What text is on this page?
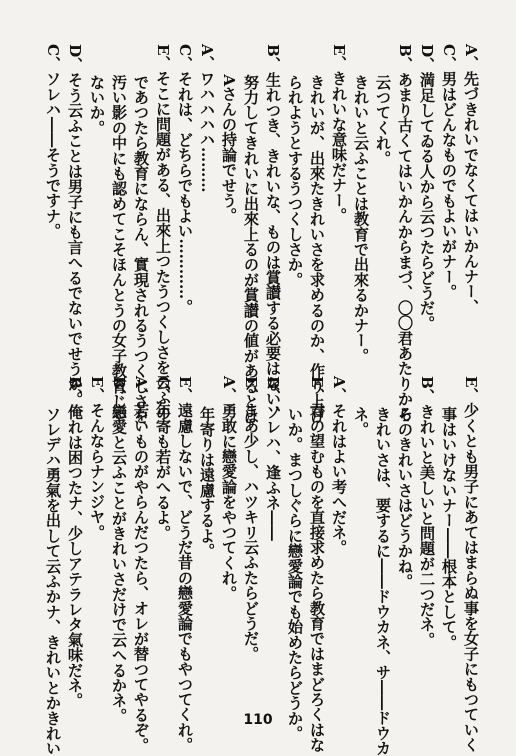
A、先づきれいでなくてはいかんナー、
C、男はどんなものでもよいがナー。
D、満足してゐる人から云つたらどうだ。
B、あまり古くてはいかんからまづ、〇〇君あたりから
　　云つてくれ。
　　きれいと云ふことは教育で出來るかナー。
E、きれいな意味だナー。
　　きれいが、出來たきれいさを求めるのか、作り上げ
　　られようとするうつくしさか。
B、生れつき、きれいな、ものは賞讃する必要はない、
　　努力してきれいに出來上るのが賞讃の値があるとは
　　Aさんの持論でせう。
A、ワハハハハ………
C、それは、どちらでもよい…………。
E、そこに問題がある、出來上つたうつくしさを云ふの
　　であつたら教育にならん、實現されるうつくしさを
　　汚い影の中にも認めてこそほんとうの女子教育じや
　　ないか。
D、そう云ふことは男子にも言へるでないでせうか。
C、ソレハ――そうですナ。
E、少くとも男子にあてはまらぬ事を女子にもつていく
　　事はいけないナー――根本として。
B、きれいと美しいと問題が二つだネ。
　　そのきれいさはどうかね。
　　きれいさは、要するに――ドウカネ、サ――ドウカ
　　ネ。
A、それはよい考へだネ。
E、君の望むものを直接求めたら教育ではまどろくはな
　　いか。まつしぐらに戀愛論でも始めたらどうか。
B、ソレハ、逢ふネ――
E、まあ少し、ハツキリ云ふたらどうだ。
A、勇敢に戀愛論をやつてくれ。
　　年寄りは遠慮するよ。
E、遠慮しないで、どうだ昔の戀愛論でもやつてくれ。
C、年寄も若がへるよ。
A、若いものがやらんだつたら、オレが替つてやるぞ。
B、戀愛と云ふことがきれいさだけで云へるかネ。
E、そんならナンジヤ。
B、俺れは困つたナ、少しアテラレタ氣味だネ。
　　ソレデハ勇氣を出して云ふかナ、きれいとかきれい	110
